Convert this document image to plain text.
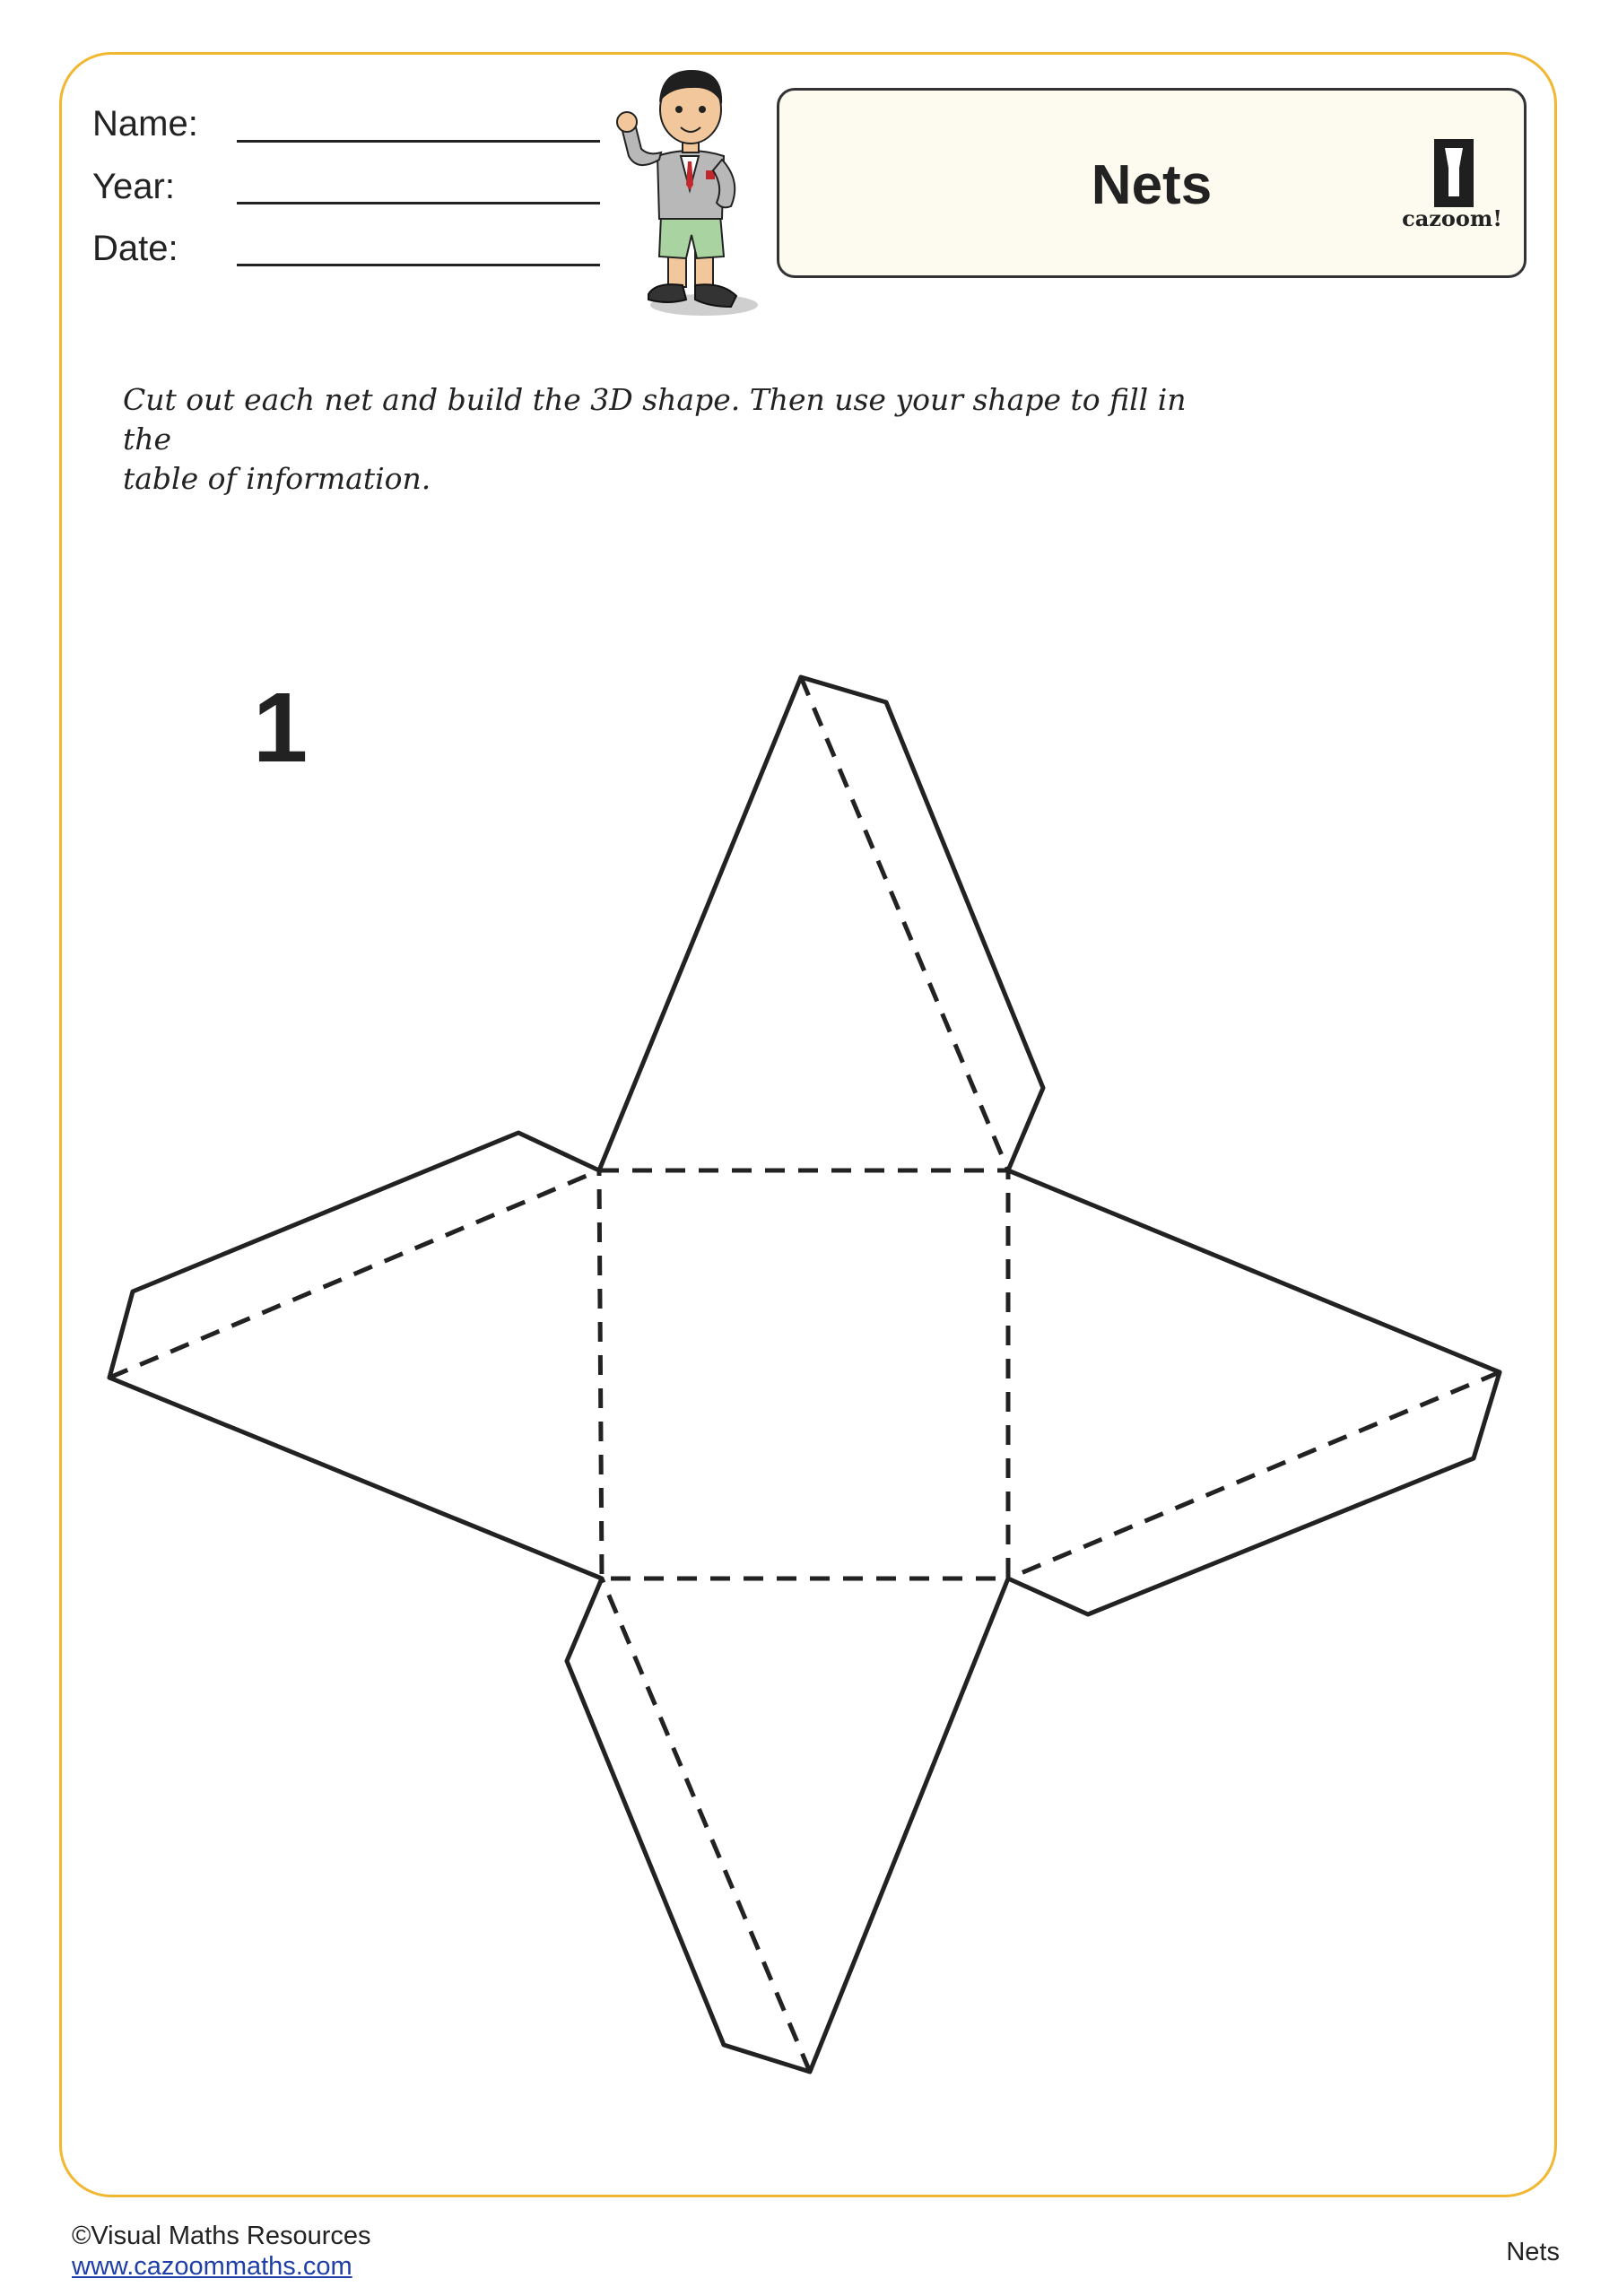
Name:
Year:
Date:
Nets
cazoom!
Cut out each net and build the 3D shape. Then use your shape to fill in the
table of information.
1
©Visual Maths Resources
www.cazoommaths.com	Nets
